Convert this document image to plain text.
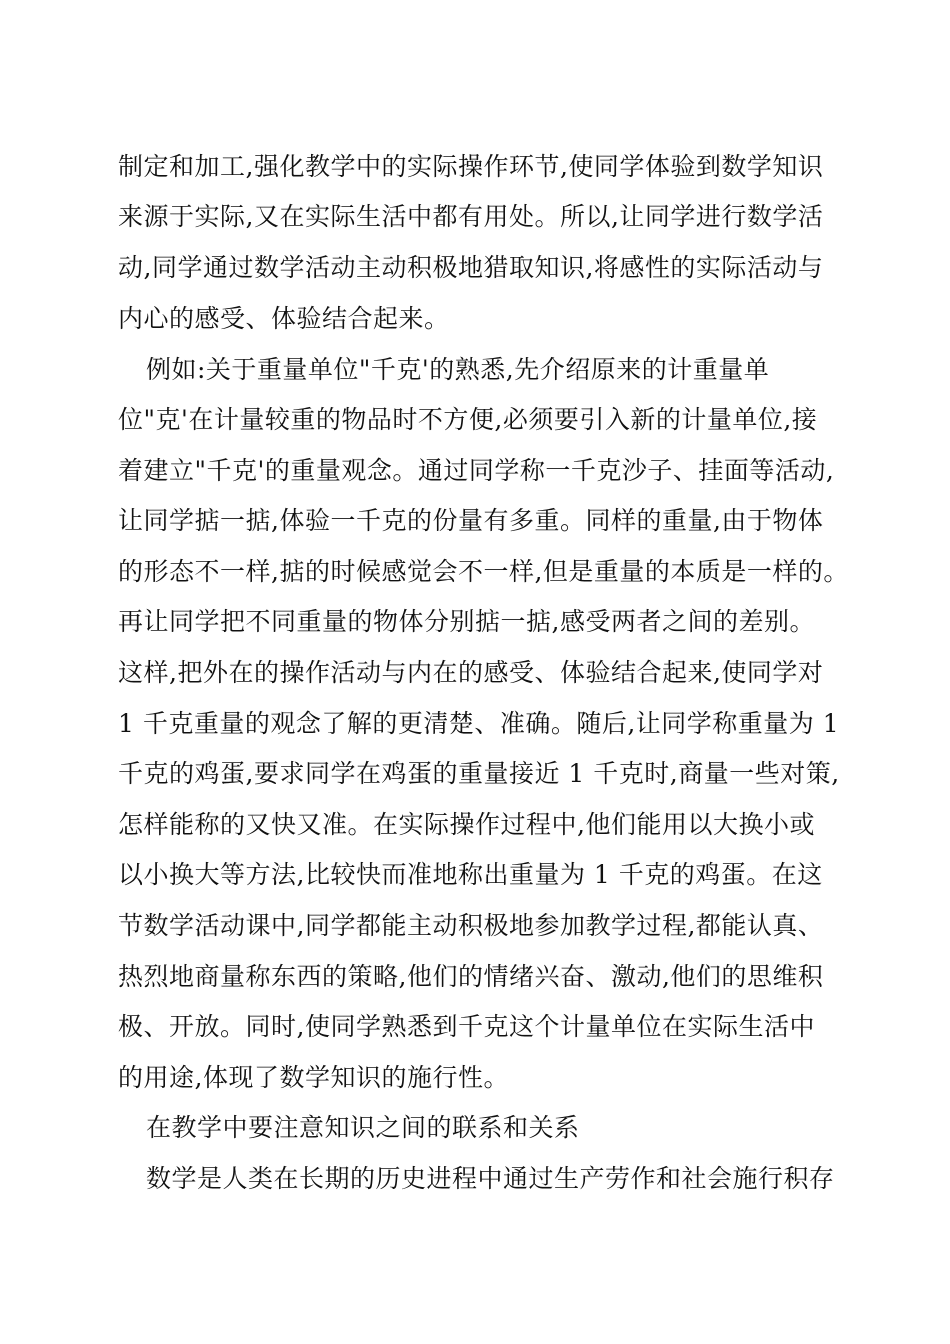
制定和加工,强化教学中的实际操作环节,使同学体验到数学知识
来源于实际,又在实际生活中都有用处。所以,让同学进行数学活
动,同学通过数学活动主动积极地猎取知识,将感性的实际活动与
内心的感受、体验结合起来。
例如:关于重量单位"千克'的熟悉,先介绍原来的计重量单
位"克'在计量较重的物品时不方便,必须要引入新的计量单位,接
着建立"千克'的重量观念。通过同学称一千克沙子、挂面等活动,
让同学掂一掂,体验一千克的份量有多重。同样的重量,由于物体
的形态不一样,掂的时候感觉会不一样,但是重量的本质是一样的。
再让同学把不同重量的物体分别掂一掂,感受两者之间的差别。
这样,把外在的操作活动与内在的感受、体验结合起来,使同学对
1 千克重量的观念了解的更清楚、准确。随后,让同学称重量为 1
千克的鸡蛋,要求同学在鸡蛋的重量接近 1 千克时,商量一些对策,
怎样能称的又快又准。在实际操作过程中,他们能用以大换小或
以小换大等方法,比较快而准地称出重量为 1 千克的鸡蛋。在这
节数学活动课中,同学都能主动积极地参加教学过程,都能认真、
热烈地商量称东西的策略,他们的情绪兴奋、激动,他们的思维积
极、开放。同时,使同学熟悉到千克这个计量单位在实际生活中
的用途,体现了数学知识的施行性。
在教学中要注意知识之间的联系和关系
数学是人类在长期的历史进程中通过生产劳作和社会施行积存
